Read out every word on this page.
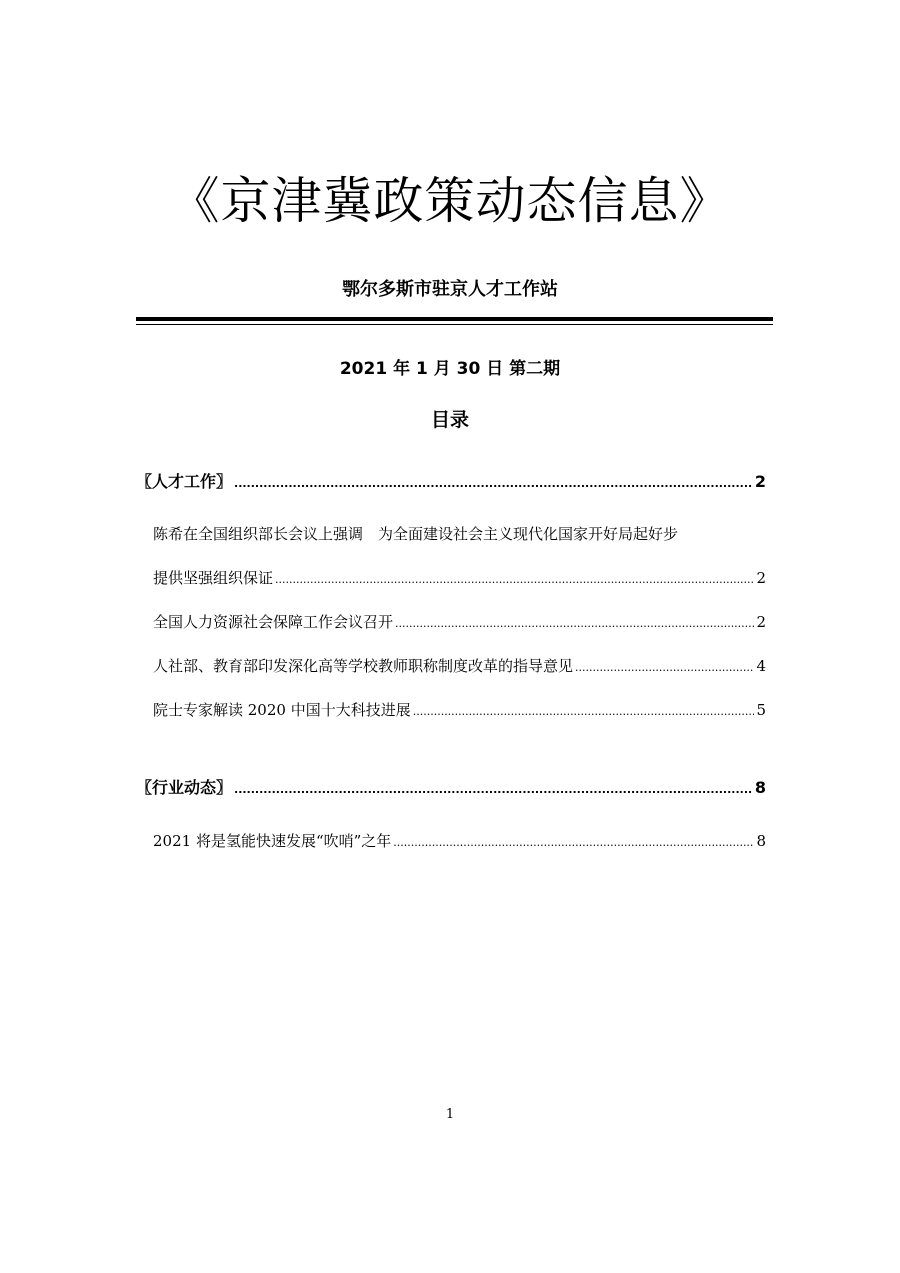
《京津冀政策动态信息》
鄂尔多斯市驻京人才工作站
2021 年 1 月 30 日 第二期
目录
〖人才工作〗 .....	2
陈希在全国组织部长会议上强调　为全面建设社会主义现代化国家开好局起好步
提供坚强组织保证 .....	2
全国人力资源社会保障工作会议召开 .....	2
人社部、教育部印发深化高等学校教师职称制度改革的指导意见 .....	4
院士专家解读 2020 中国十大科技进展 .....	5
〖行业动态〗 .....	8
2021 将是氢能快速发展“吹哨”之年 .....	8
1
